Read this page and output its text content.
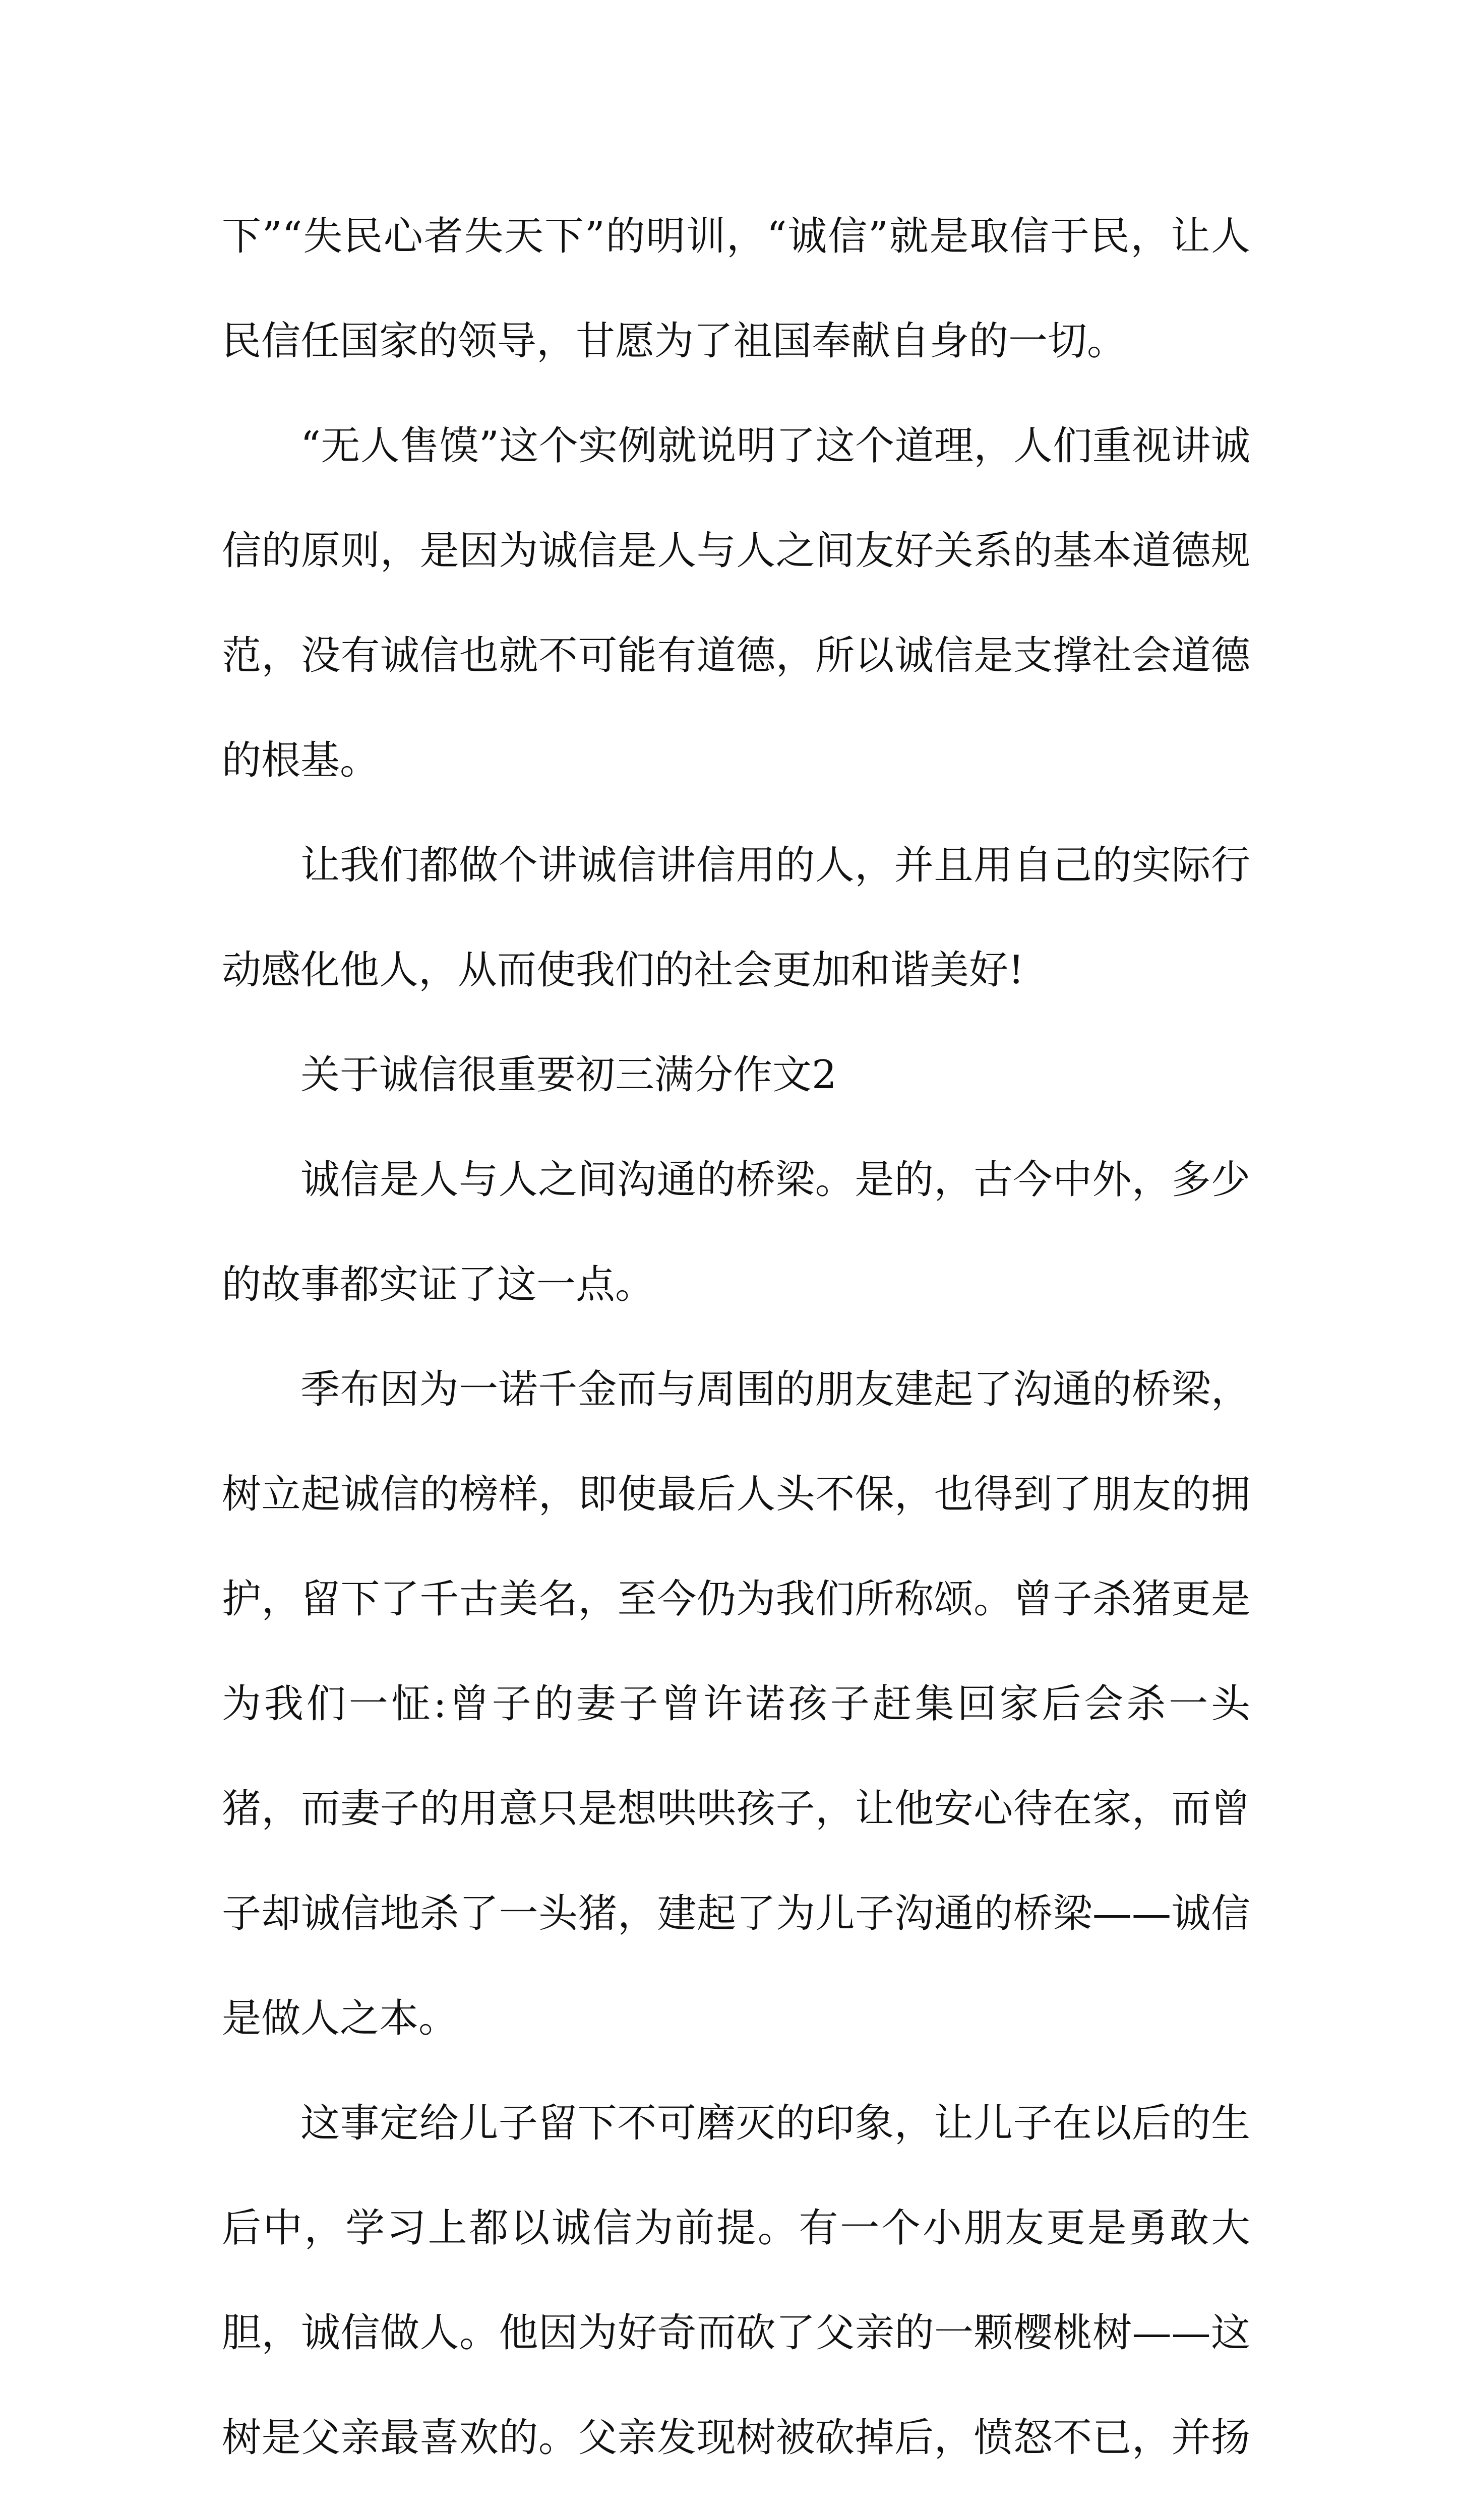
下”“失民心者失天下”的明训，“诚信”就是取信于民，让人民信任国家的领导，甘愿为了祖国奉献自身的一切。

“无人售馍”这个实例就说明了这个道理，人们重视讲诚信的原则，是因为诚信是人与人之间友好关系的基本道德规范，没有诚信也就不可能有道德，所以诚信是支撑社会道德的根基。

让我们都做个讲诚信讲信用的人，并且用自己的实际行动感化他人，从而使我们的社会更加和谐美好!

关于诚信很重要初三满分作文2

诚信是人与人之间沟通的桥梁。是的，古今中外，多少的故事都实证了这一点。

季布因为一诺千金而与周围的朋友建起了沟通的桥梁，树立起诚信的榜样，即使最后人头不保，也得到了朋友的拥护，留下了千古美名，至今仍为我们所称颂。曾子杀猪更是为我们一怔:曾子的妻子曾许诺孩子赶集回家后会杀一头猪，而妻子的用意只是想哄哄孩子，让他安心待在家，而曾子却诚信地杀了一头猪，建起了为儿子沟通的桥梁——诚信是做人之本。

这事定给儿子留下不可磨灭的印象，让儿子在以后的生后中，学习上都以诚信为前提。有一个小朋友更是勇敢大胆，诚信做人。他因为好奇而砍了父亲的一颗樱桃树——这树是父亲最喜欢的。父亲发现树被砍掉后，愤怒不已，并扬
